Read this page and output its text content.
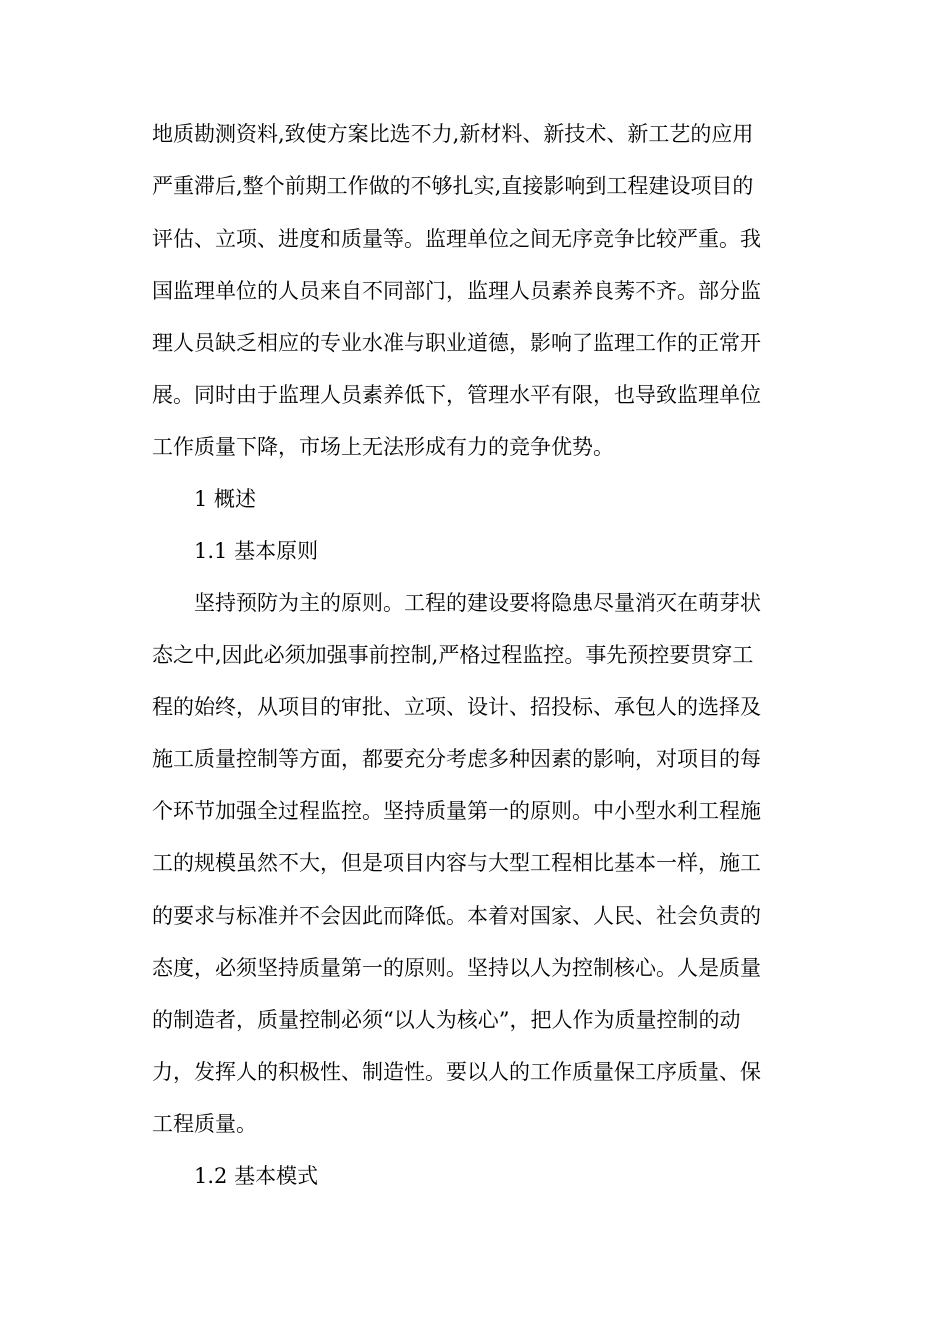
地质勘测资料,致使方案比选不力,新材料、新技术、新工艺的应用
严重滞后,整个前期工作做的不够扎实,直接影响到工程建设项目的
评估、立项、进度和质量等。监理单位之间无序竞争比较严重。我
国监理单位的人员来自不同部门，监理人员素养良莠不齐。部分监
理人员缺乏相应的专业水准与职业道德，影响了监理工作的正常开
展。同时由于监理人员素养低下，管理水平有限，也导致监理单位
工作质量下降，市场上无法形成有力的竞争优势。
1 概述
1.1 基本原则
坚持预防为主的原则。工程的建设要将隐患尽量消灭在萌芽状
态之中,因此必须加强事前控制,严格过程监控。事先预控要贯穿工
程的始终，从项目的审批、立项、设计、招投标、承包人的选择及
施工质量控制等方面，都要充分考虑多种因素的影响，对项目的每
个环节加强全过程监控。坚持质量第一的原则。中小型水利工程施
工的规模虽然不大，但是项目内容与大型工程相比基本一样，施工
的要求与标准并不会因此而降低。本着对国家、人民、社会负责的
态度，必须坚持质量第一的原则。坚持以人为控制核心。人是质量
的制造者，质量控制必须“以人为核心”，把人作为质量控制的动
力，发挥人的积极性、制造性。要以人的工作质量保工序质量、保
工程质量。
1.2 基本模式
